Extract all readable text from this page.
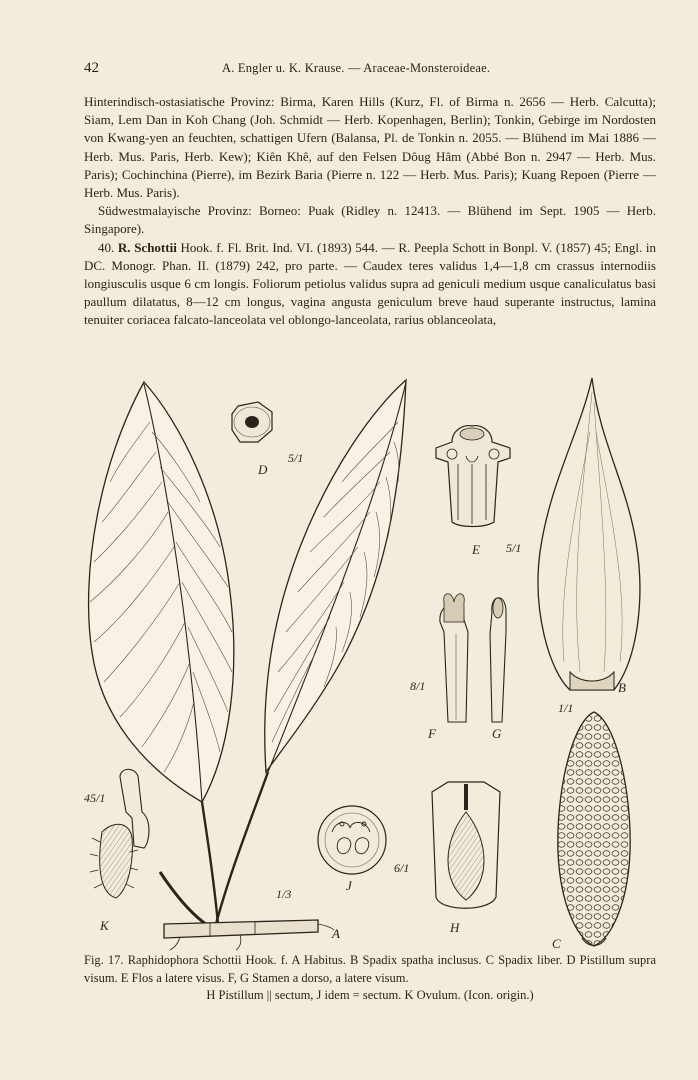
42	A. Engler u. K. Krause. — Araceae-Monsteroideae.

Hinterindisch-ostasiatische Provinz: Birma, Karen Hills (Kurz, Fl. of Birma n. 2656 — Herb. Calcutta); Siam, Lem Dan in Koh Chang (Joh. Schmidt — Herb. Kopenhagen, Berlin); Tonkin, Gebirge im Nordosten von Kwang-yen an feuchten, schattigen Ufern (Balansa, Pl. de Tonkin n. 2055. — Blühend im Mai 1886 — Herb. Mus. Paris, Herb. Kew); Kiên Khê, auf den Felsen Dôug Hâm (Abbé Bon n. 2947 — Herb. Mus. Paris); Cochinchina (Pierre), im Bezirk Baria (Pierre n. 122 — Herb. Mus. Paris); Kuang Repoen (Pierre — Herb. Mus. Paris).

Südwestmalayische Provinz: Borneo: Puak (Ridley n. 12413. — Blühend im Sept. 1905 — Herb. Singapore).

40. R. Schottii Hook. f. Fl. Brit. Ind. VI. (1893) 544. — R. Peepla Schott in Bonpl. V. (1857) 45; Engl. in DC. Monogr. Phan. II. (1879) 242, pro parte. — Caudex teres validus 1,4—1,8 cm crassus internodiis longiusculis usque 6 cm longis. Foliorum petiolus validus supra ad geniculi medium usque canaliculatus basi paullum dilatatus, 8—12 cm longus, vagina angusta geniculum breve haud superante instructus, lamina tenuiter coriacea falcato-lanceolata vel oblongo-lanceolata, rarius oblanceolata,

D
E
B
F	G
K
J
H
A
C
5/1
5/1
1/1
8/1
45/1
6/1
1/3
Fig. 17. Raphidophora Schottii Hook. f. A Habitus. B Spadix spatha inclusus. C Spadix liber. D Pistillum supra visum. E Flos a latere visus. F, G Stamen a dorso, a latere visum.
H Pistillum || sectum, J idem = sectum. K Ovulum. (Icon. origin.)
